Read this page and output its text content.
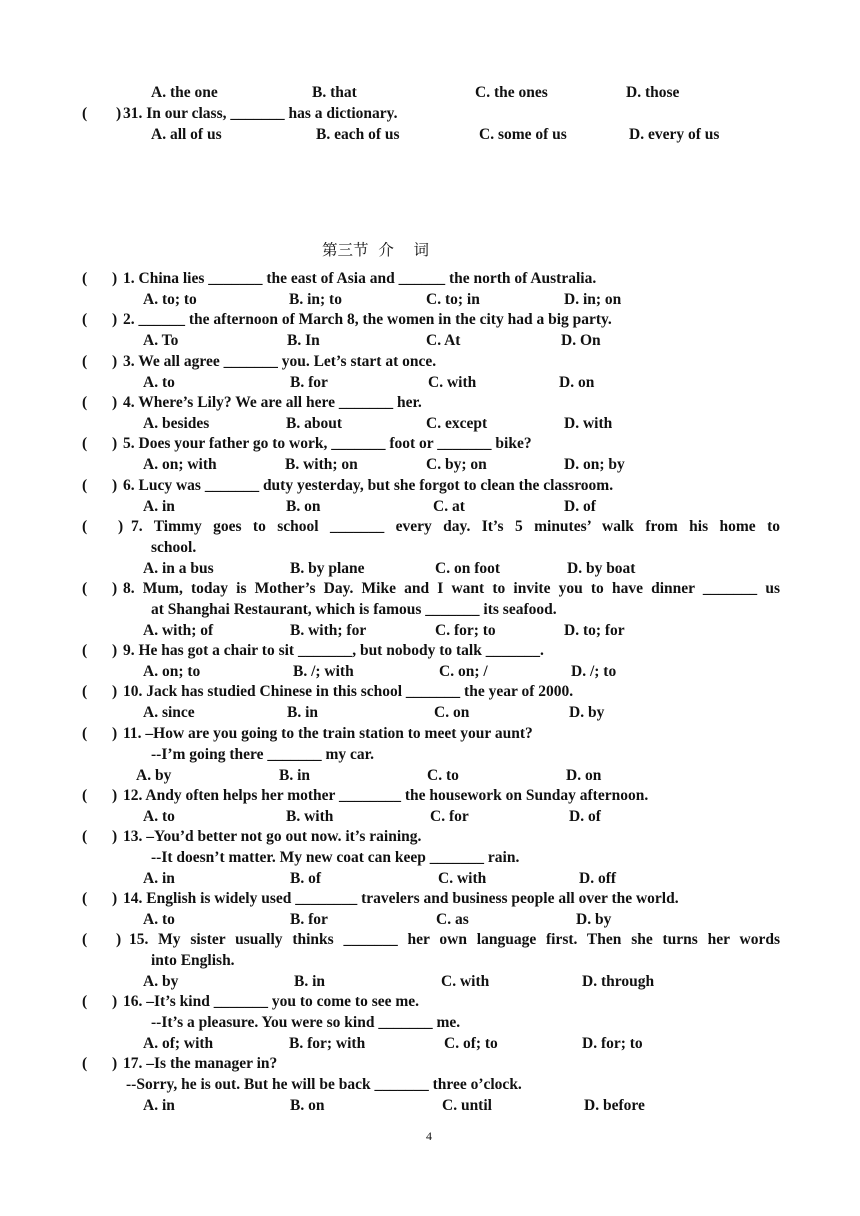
A. the one	B. that	C. the ones	D. those
( ) 31. In our class, _______ has a dictionary.
A. all of us	B. each of us	C. some of us	D. every of us
第三节  介    词
( ) 1. China lies _______ the east of Asia and ______ the north of Australia.
A. to; to	B. in; to	C. to; in	D. in; on
( ) 2. ______ the afternoon of March 8, the women in the city had a big party.
A. To	B. In	C. At	D. On
( ) 3. We all agree _______ you. Let’s start at once.
A. to	B. for	C. with	D. on
( ) 4. Where’s Lily? We are all here _______ her.
A. besides	B. about	C. except	D. with
( ) 5. Does your father go to work, _______ foot or _______ bike?
A. on; with	B. with; on	C. by; on	D. on; by
( ) 6. Lucy was _______ duty yesterday, but she forgot to clean the classroom.
A. in	B. on	C. at	D. of
( ) 7. Timmy goes to school _______ every day. It’s 5 minutes’ walk from his home to
school.
A. in a bus	B. by plane	C. on foot	D. by boat
( ) 8. Mum, today is Mother’s Day. Mike and I want to invite you to have dinner _______ us
at Shanghai Restaurant, which is famous _______ its seafood.
A. with; of	B. with; for	C. for; to	D. to; for
( ) 9. He has got a chair to sit _______, but nobody to talk _______.
A. on; to	B. /; with	C. on; /	D. /; to
( ) 10. Jack has studied Chinese in this school _______ the year of 2000.
A. since	B. in	C. on	D. by
( ) 11. –How are you going to the train station to meet your aunt?
--I’m going there _______ my car.
A. by	B. in	C. to	D. on
( ) 12. Andy often helps her mother ________ the housework on Sunday afternoon.
A. to	B. with	C. for	D. of
( ) 13. –You’d better not go out now. it’s raining.
--It doesn’t matter. My new coat can keep _______ rain.
A. in	B. of	C. with	D. off
( ) 14. English is widely used ________ travelers and business people all over the world.
A. to	B. for	C. as	D. by
( ) 15. My sister usually thinks _______ her own language first. Then she turns her words
into English.
A. by	B. in	C. with	D. through
( ) 16. –It’s kind _______ you to come to see me.
--It’s a pleasure. You were so kind _______ me.
A. of; with	B. for; with	C. of; to	D. for; to
( ) 17. –Is the manager in?
--Sorry, he is out. But he will be back _______ three o’clock.
A. in	B. on	C. until	D. before
4
